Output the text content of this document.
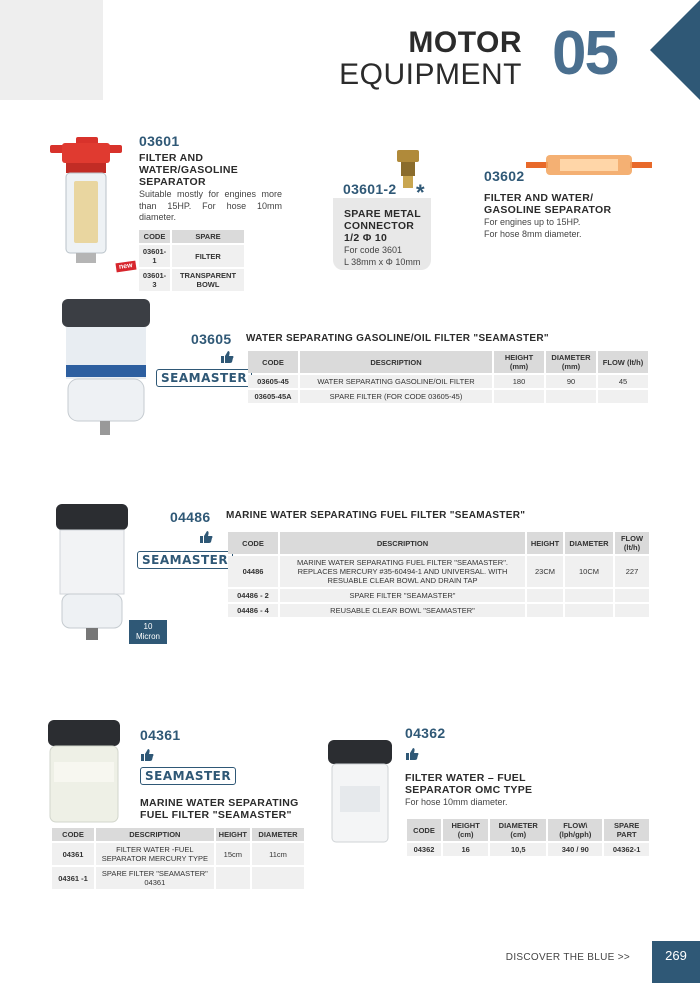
MOTOR
EQUIPMENT 05
03601
FILTER AND
WATER/GASOLINE
SEPARATOR
Suitable mostly for engines more than 15HP. For hose 10mm diameter.
new
CODE	SPARE
03601-1	FILTER
03601-3	TRANSPARENT BOWL
03601-2 *
SPARE METAL
CONNECTOR
1/2 Φ 10
For code 3601
L 38mm x Φ 10mm
03602
FILTER AND WATER/
GASOLINE SEPARATOR
For engines up to 15HP.
For hose 8mm diameter.
03605 WATER SEPARATING GASOLINE/OIL FILTER "SEAMASTER"
SEAMASTER
CODE	DESCRIPTION	HEIGHT (mm)	DIAMETER (mm)	FLOW (lt/h)
03605-45	WATER SEPARATING GASOLINE/OIL FILTER	180	90	45
03605-45A	SPARE FILTER (FOR CODE 03605-45)			
10 Micron
04486 MARINE WATER SEPARATING FUEL FILTER "SEAMASTER"
SEAMASTER
CODE	DESCRIPTION	HEIGHT	DIAMETER	FLOW (lt/h)
04486	MARINE WATER SEPARATING FUEL FILTER "SEAMASTER". REPLACES MERCURY #35-60494-1 AND UNIVERSAL. WITH RESUABLE CLEAR BOWL AND DRAIN TAP	23CM	10CM	227
04486 - 2	SPARE FILTER "SEAMASTER"			
04486 - 4	REUSABLE CLEAR BOWL "SEAMASTER"			
04361
SEAMASTER
MARINE WATER SEPARATING
FUEL FILTER "SEAMASTER"
CODE	DESCRIPTION	HEIGHT	DIAMETER
04361	FILTER WATER -FUEL SEPARATOR MERCURY TYPE	15cm	11cm
04361 -1	SPARE FILTER "SEAMASTER" 04361		
04362
FILTER WATER – FUEL
SEPARATOR OMC TYPE
For hose 10mm diameter.
CODE	HEIGHT (cm)	DIAMETER (cm)	FLOW\ (lph/gph)	SPARE PART
04362	16	10,5	340 / 90	04362-1
DISCOVER THE BLUE >>	269
